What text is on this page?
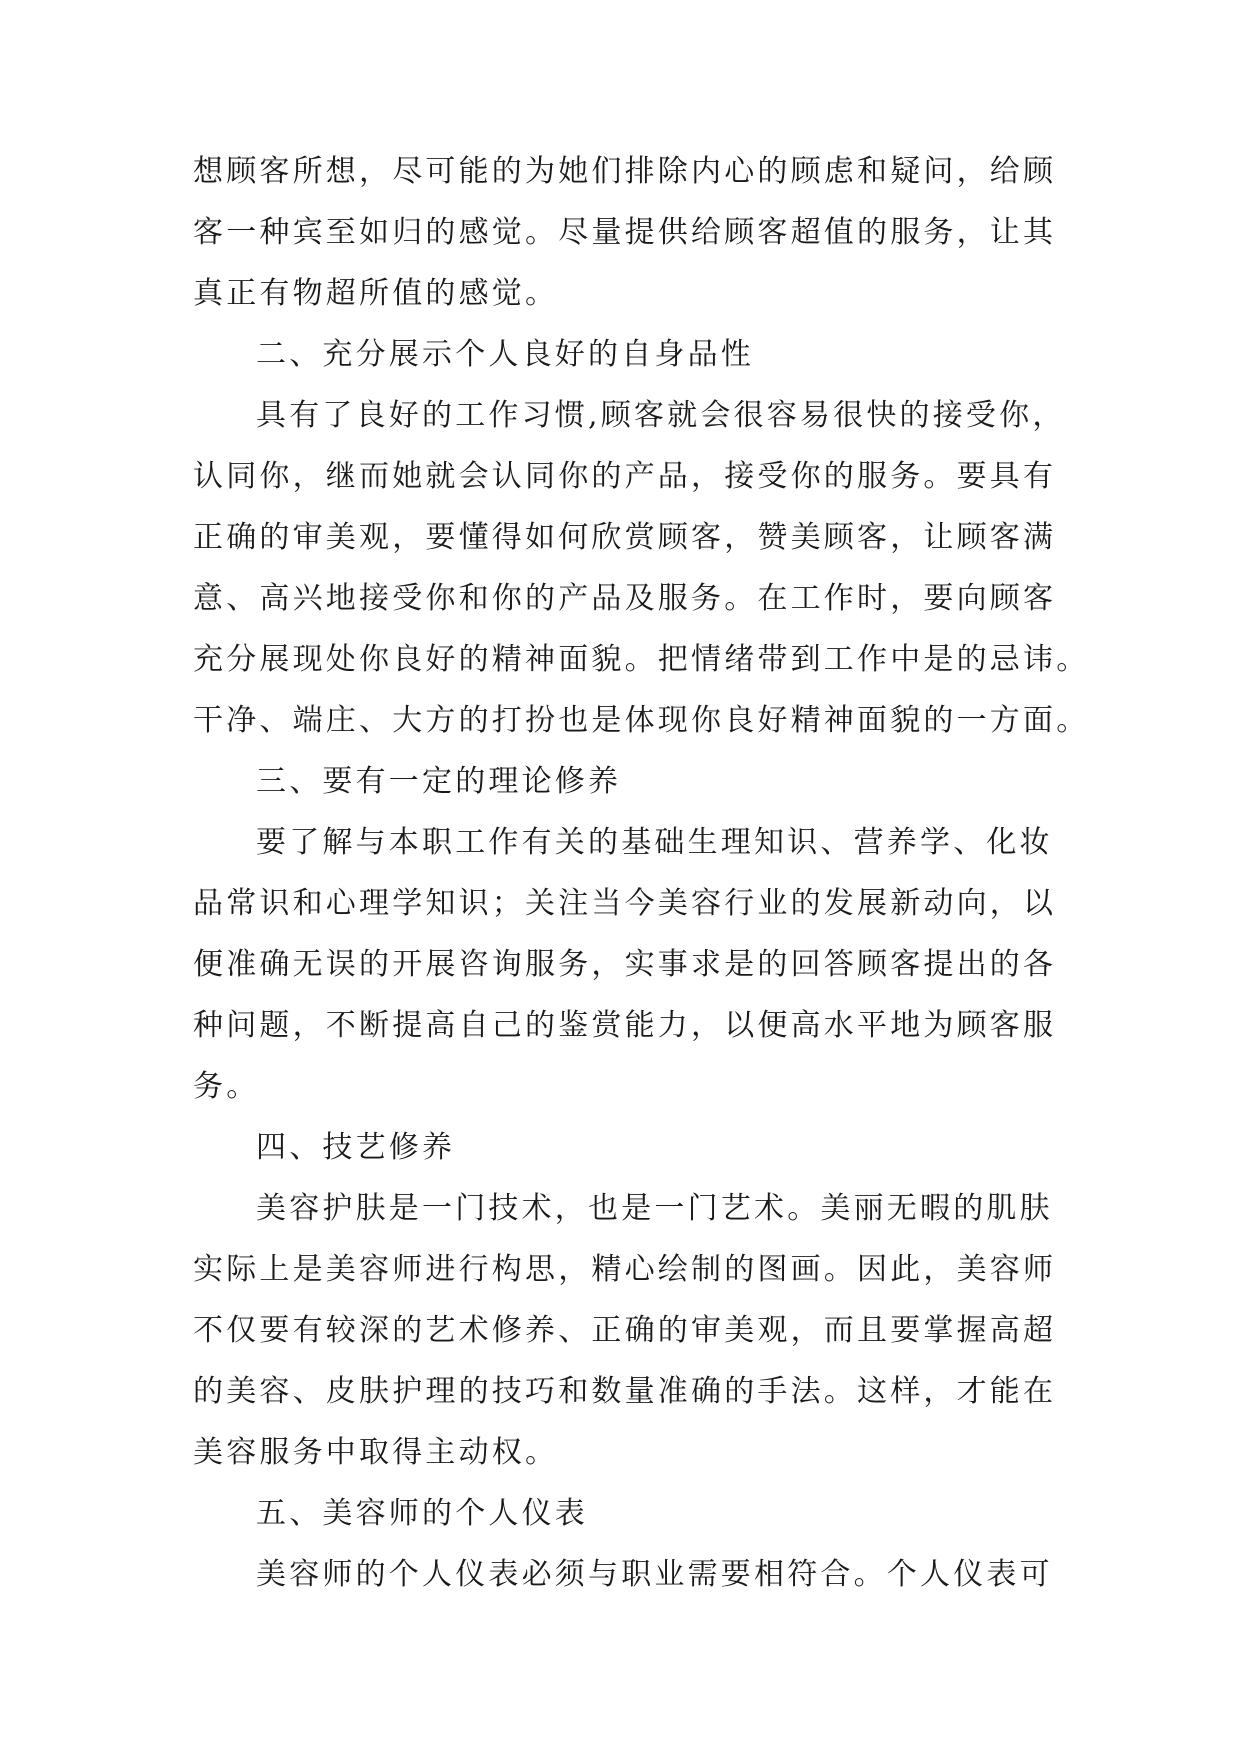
想顾客所想，尽可能的为她们排除内心的顾虑和疑问，给顾
客一种宾至如归的感觉。尽量提供给顾客超值的服务，让其
真正有物超所值的感觉。
二、充分展示个人良好的自身品性
具有了良好的工作习惯,顾客就会很容易很快的接受你，
认同你，继而她就会认同你的产品，接受你的服务。要具有
正确的审美观，要懂得如何欣赏顾客，赞美顾客，让顾客满
意、高兴地接受你和你的产品及服务。在工作时，要向顾客
充分展现处你良好的精神面貌。把情绪带到工作中是的忌讳。
干净、端庄、大方的打扮也是体现你良好精神面貌的一方面。
三、要有一定的理论修养
要了解与本职工作有关的基础生理知识、营养学、化妆
品常识和心理学知识；关注当今美容行业的发展新动向，以
便准确无误的开展咨询服务，实事求是的回答顾客提出的各
种问题，不断提高自己的鉴赏能力，以便高水平地为顾客服
务。
四、技艺修养
美容护肤是一门技术，也是一门艺术。美丽无暇的肌肤
实际上是美容师进行构思，精心绘制的图画。因此，美容师
不仅要有较深的艺术修养、正确的审美观，而且要掌握高超
的美容、皮肤护理的技巧和数量准确的手法。这样，才能在
美容服务中取得主动权。
五、美容师的个人仪表
美容师的个人仪表必须与职业需要相符合。个人仪表可
